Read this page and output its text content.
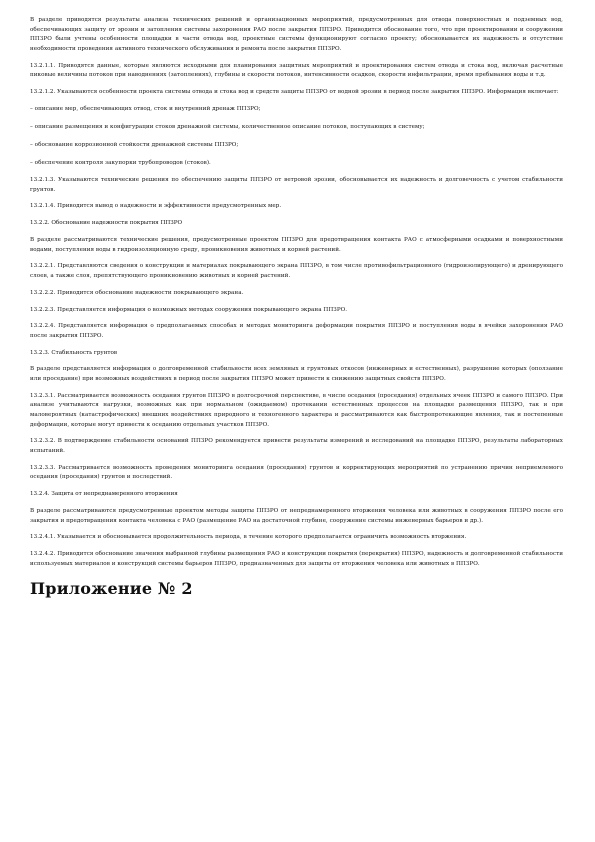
В разделе приводятся результаты анализа технических решений и организационных мероприятий, предусмотренных для отвода поверхностных и подземных вод, обеспечивающих защиту от эрозии и затопления системы захоронения РАО после закрытия ППЗРО. Приводится обоснование того, что при проектировании и сооружении ППЗРО были учтены особенности площадки в части отвода вод, проектные системы функционируют согласно проекту; обосновывается их надежность и отсутствие необходимости проведения активного технического обслуживания и ремонта после закрытия ППЗРО.

13.2.1.1. Приводятся данные, которые являются исходными для планирования защитных мероприятий и проектирования систем отвода и стока вод, включая расчетные пиковые величины потоков при наводнениях (затоплениях), глубины и скорости потоков, интенсивности осадков, скорости инфильтрации, время пребывания воды и т.д.

13.2.1.2. Указываются особенности проекта системы отвода и стока вод и средств защиты ППЗРО от водной эрозии в период после закрытия ППЗРО. Информация включает:

– описание мер, обеспечивающих отвод, сток и внутренний дренаж ППЗРО;

– описание размещения и конфигурации стоков дренажной системы, количественное описание потоков, поступающих в систему;

– обоснование коррозионной стойкости дренажной системы ППЗРО;

– обеспечение контроля закупорки трубопроводов (стоков).

13.2.1.3. Указываются технические решения по обеспечению защиты ППЗРО от ветровой эрозии, обосновывается их надежность и долговечность с учетом стабильности грунтов.

13.2.1.4. Приводится вывод о надежности и эффективности предусмотренных мер.

13.2.2. Обоснование надежности покрытия ППЗРО

В разделе рассматриваются технические решения, предусмотренные проектом ППЗРО для предотвращения контакта РАО с атмосферными осадками и поверхностными водами, поступления воды в гидроизоляционную среду, проникновения животных и корней растений.

13.2.2.1. Представляются сведения о конструкции и материалах покрывающего экрана ППЗРО, в том числе противофильтрационного (гидроизолирующего) и дренирующего слоев, а также слоя, препятствующего проникновению животных и корней растений.

13.2.2.2. Приводится обоснование надежности покрывающего экрана.

13.2.2.3. Представляется информация о возможных методах сооружения покрывающего экрана ППЗРО.

13.2.2.4. Представляется информация о предполагаемых способах и методах мониторинга деформации покрытия ППЗРО и поступления воды в ячейки захоронения РАО после закрытия ППЗРО.

13.2.3. Стабильность грунтов

В разделе представляется информация о долговременной стабильности всех земляных и грунтовых откосов (инженерных и естественных), разрушение которых (оползание или проседание) при возможных воздействиях в период после закрытия ППЗРО может привести к снижению защитных свойств ППЗРО.

13.2.3.1. Рассматривается возможность оседания грунтов ППЗРО в долгосрочной перспективе, в числе оседания (проседания) отдельных ячеек ППЗРО и самого ППЗРО. При анализе учитываются нагрузки, возможных как при нормальном (ожидаемом) протекании естественных процессов на площадке размещения ППЗРО, так и при маловероятных (катастрофических) внешних воздействиях природного и техногенного характера и рассматриваются как быстропротекающие явления, так и постепенные деформации, которые могут привести к оседанию отдельных участков ППЗРО.

13.2.3.2. В подтверждение стабильности оснований ППЗРО рекомендуется привести результаты измерений и исследований на площадке ППЗРО, результаты лабораторных испытаний.

13.2.3.3. Рассматривается возможность проведения мониторинга оседания (проседания) грунтов и корректирующих мероприятий по устранению причин неприемлемого оседания (проседания) грунтов и последствий.

13.2.4. Защита от непреднамеренного вторжения

В разделе рассматриваются предусмотренные проектом методы защиты ППЗРО от непреднамеренного вторжения человека или животных в сооружения ППЗРО после его закрытия и предотвращения контакта человека с РАО (размещение РАО на достаточной глубине, сооружение системы инженерных барьеров и др.).

13.2.4.1. Указывается и обосновывается продолжительность периода, в течение которого предполагается ограничить возможность вторжения.

13.2.4.2. Приводится обоснование значения выбранной глубины размещения РАО и конструкции покрытия (перекрытия) ППЗРО, надежность и долговременной стабильности используемых материалов и конструкций системы барьеров ППЗРО, предназначенных для защиты от вторжения человека или животных в ППЗРО.

Приложение № 2
